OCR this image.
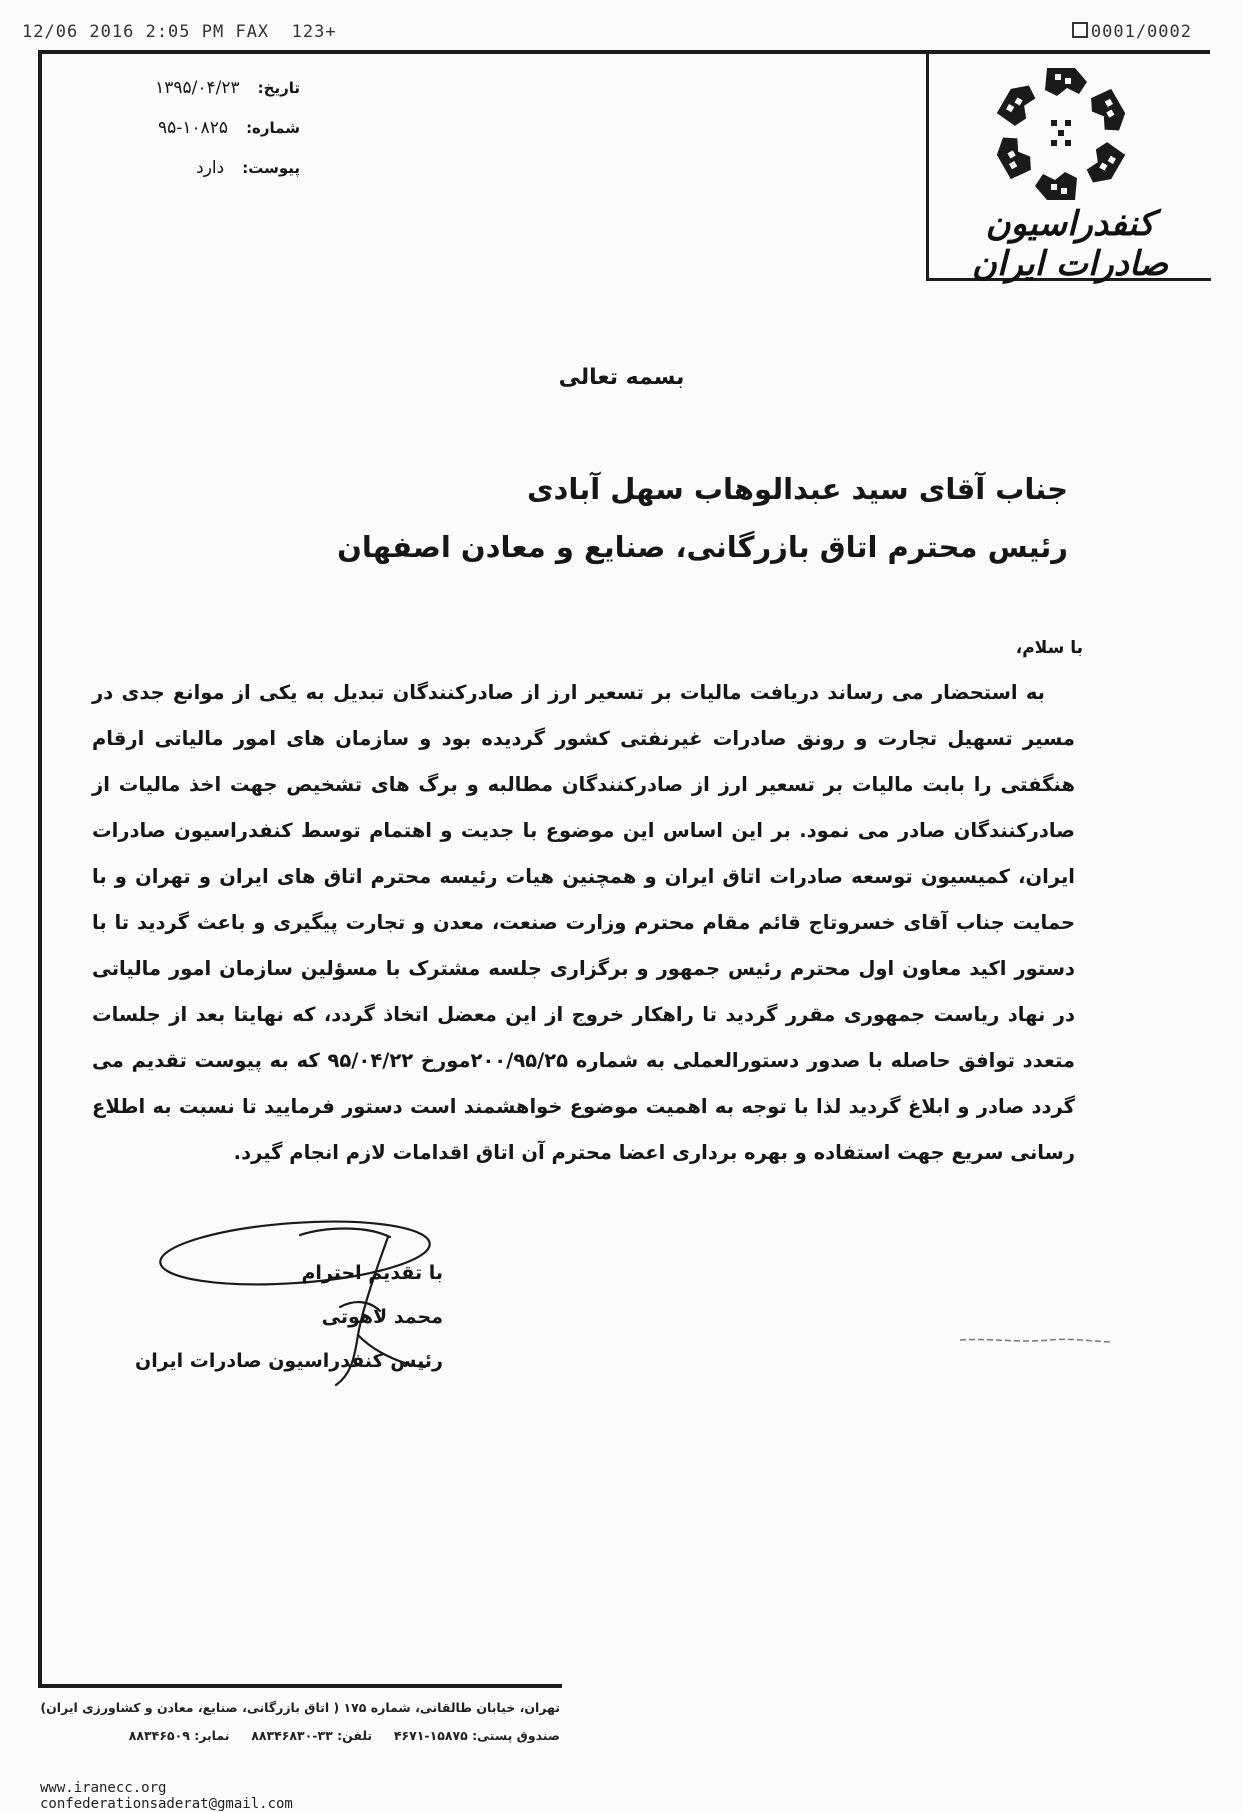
12/06 2016 2:05 PM FAX  123+	0001/0002
کنفدراسیون صادرات ایران
تاریخ:
۱۳۹۵/۰۴/۲۳
شماره:
۹۵-۱۰۸۲۵
پیوست:
دارد
بسمه تعالی
جناب آقای سید عبدالوهاب سهل آبادی
رئیس محترم اتاق بازرگانی، صنایع و معادن اصفهان
با سلام،

به استحضار می رساند دریافت مالیات بر تسعیر ارز از صادرکنندگان تبدیل به یکی از موانع جدی در مسیر تسهیل تجارت و رونق صادرات غیرنفتی کشور گردیده بود و سازمان های امور مالیاتی ارقام هنگفتی را بابت مالیات بر تسعیر ارز از صادرکنندگان مطالبه و برگ های تشخیص جهت اخذ مالیات از صادرکنندگان صادر می نمود. بر این اساس این موضوع با جدیت و اهتمام توسط کنفدراسیون صادرات ایران، کمیسیون توسعه صادرات اتاق ایران و همچنین هیات رئیسه محترم اتاق های ایران و تهران و با حمایت جناب آقای خسروتاج قائم مقام محترم وزارت صنعت، معدن و تجارت پیگیری و باعث گردید تا با دستور اکید معاون اول محترم رئیس جمهور و برگزاری جلسه مشترک با مسؤلین سازمان امور مالیاتی در نهاد ریاست جمهوری مقرر گردید تا راهکار خروج از این معضل اتخاذ گردد، که نهایتا بعد از جلسات متعدد توافق حاصله با صدور دستورالعملی به شماره ۲۰۰/۹۵/۲۵مورخ ۹۵/۰۴/۲۲ که به پیوست تقدیم می گردد صادر و ابلاغ گردید لذا با توجه به اهمیت موضوع خواهشمند است دستور فرمایید تا نسبت به اطلاع رسانی سریع جهت استفاده و بهره برداری اعضا محترم آن اتاق اقدامات لازم انجام گیرد.

با تقدیم احترام
محمد لاهوتی
رئیس کنفدراسیون صادرات ایران
تهران، خیابان طالقانی، شماره ۱۷۵ ( اتاق بازرگانی، صنایع، معادن و کشاورزی ایران)
صندوق پستی: ۱۵۸۷۵-۴۶۷۱     تلفن: ۳۳-۸۸۳۴۶۸۳۰     نمابر: ۸۸۳۴۶۵۰۹
www.iranecc.org  confederationsaderat@gmail.com
